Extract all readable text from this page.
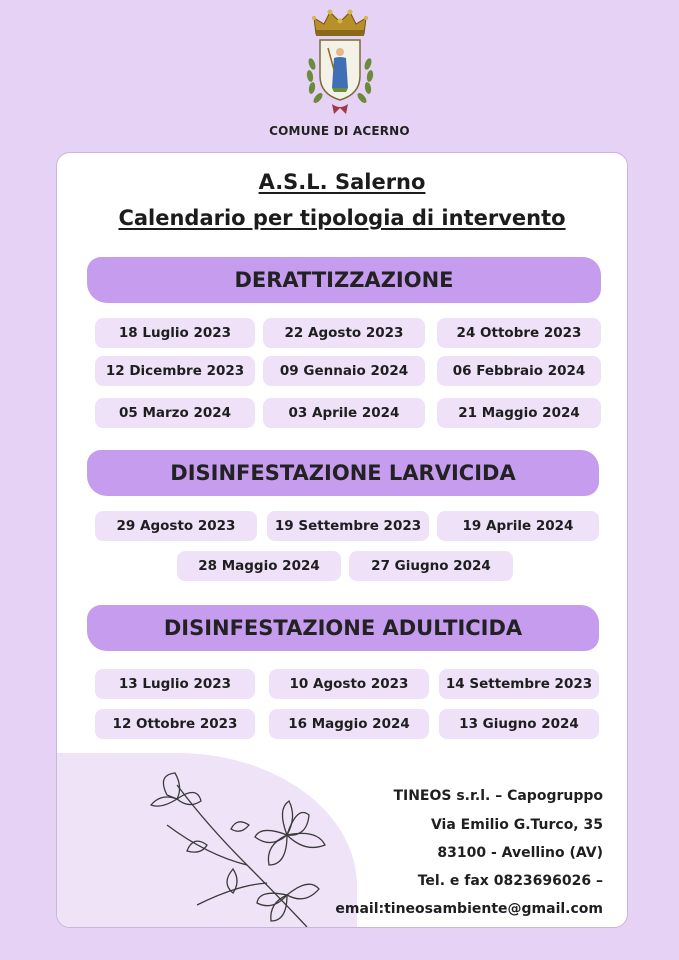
COMUNE DI ACERNO
A.S.L. Salerno
Calendario per tipologia di intervento
DERATTIZZAZIONE
18 Luglio 2023	22 Agosto 2023	24 Ottobre 2023
12 Dicembre 2023	09 Gennaio 2024	06 Febbraio 2024
05 Marzo 2024	03 Aprile 2024	21 Maggio 2024
DISINFESTAZIONE LARVICIDA
29 Agosto 2023	19 Settembre 2023	19 Aprile 2024
28 Maggio 2024	27 Giugno 2024
DISINFESTAZIONE ADULTICIDA
13 Luglio 2023	10 Agosto 2023	14 Settembre 2023
12 Ottobre 2023	16 Maggio 2024	13 Giugno 2024
TINEOS s.r.l. – Capogruppo
Via Emilio G.Turco, 35
83100 - Avellino (AV)
Tel. e fax 0823696026 –
email:tineosambiente@gmail.com
